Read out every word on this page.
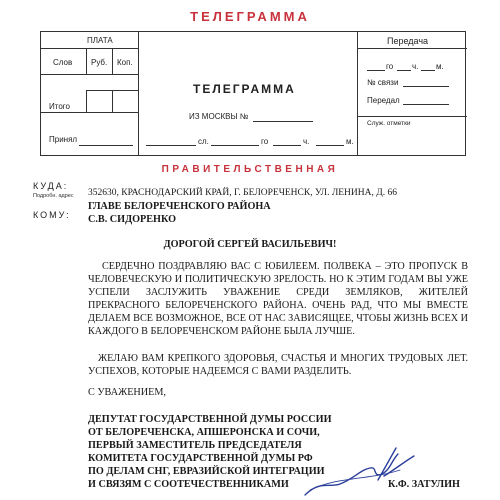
ТЕЛЕГРАММА
ПЛАТА
Слов Руб. Коп.
Итого
Принял
ТЕЛЕГРАММА
ИЗ МОСКВЫ №
сл.	го	ч.	м.
Передача
го ч. м.
№ связи
Передал
Служ. отметки
ПРАВИТЕЛЬСТВЕННАЯ
КУДА:
Подробн. адрес 352630, КРАСНОДАРСКИЙ КРАЙ, Г. БЕЛОРЕЧЕНСК, УЛ. ЛЕНИНА, Д. 66
КОМУ:
ГЛАВЕ БЕЛОРЕЧЕНСКОГО РАЙОНА
С.В. СИДОРЕНКО
ДОРОГОЙ СЕРГЕЙ ВАСИЛЬЕВИЧ!
СЕРДЕЧНО ПОЗДРАВЛЯЮ ВАС С ЮБИЛЕЕМ. ПОЛВЕКА – ЭТО ПРОПУСК В ЧЕЛОВЕЧЕСКУЮ И ПОЛИТИЧЕСКУЮ ЗРЕЛОСТЬ. НО К ЭТИМ ГОДАМ ВЫ УЖЕ УСПЕЛИ ЗАСЛУЖИТЬ УВАЖЕНИЕ СРЕДИ ЗЕМЛЯКОВ, ЖИТЕЛЕЙ ПРЕКРАСНОГО БЕЛОРЕЧЕНСКОГО РАЙОНА. ОЧЕНЬ РАД, ЧТО МЫ ВМЕСТЕ ДЕЛАЕМ ВСЕ ВОЗМОЖНОЕ, ВСЕ ОТ НАС ЗАВИСЯЩЕЕ, ЧТОБЫ ЖИЗНЬ ВСЕХ И КАЖДОГО В БЕЛОРЕЧЕНСКОМ РАЙОНЕ БЫЛА ЛУЧШЕ.
ЖЕЛАЮ ВАМ КРЕПКОГО ЗДОРОВЬЯ, СЧАСТЬЯ И МНОГИХ ТРУДОВЫХ ЛЕТ. УСПЕХОВ, КОТОРЫЕ НАДЕЕМСЯ С ВАМИ РАЗДЕЛИТЬ.
С УВАЖЕНИЕМ,
ДЕПУТАТ ГОСУДАРСТВЕННОЙ ДУМЫ РОССИИ
ОТ БЕЛОРЕЧЕНСКА, АПШЕРОНСКА И СОЧИ,
ПЕРВЫЙ ЗАМЕСТИТЕЛЬ ПРЕДСЕДАТЕЛЯ
КОМИТЕТА ГОСУДАРСТВЕННОЙ ДУМЫ РФ
ПО ДЕЛАМ СНГ, ЕВРАЗИЙСКОЙ ИНТЕГРАЦИИ
И СВЯЗЯМ С СООТЕЧЕСТВЕННИКАМИ	К.Ф. ЗАТУЛИН
